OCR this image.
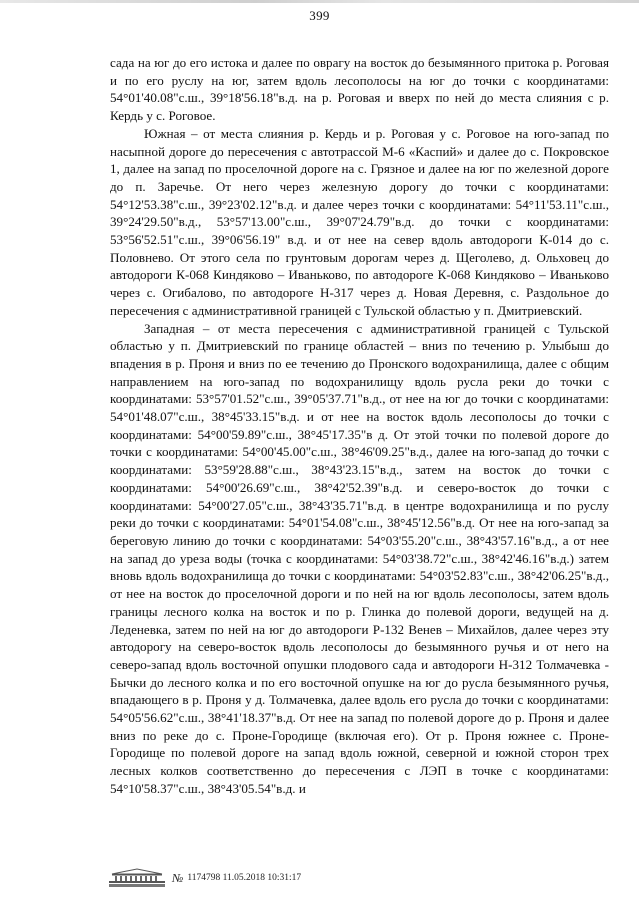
399

сада на юг до его истока и далее по оврагу на восток до безымянного притока р. Роговая и по его руслу на юг, затем вдоль лесополосы на юг до точки с координатами: 54°01'40.08"с.ш., 39°18'56.18"в.д. на р. Роговая и вверх по ней до места слияния с р. Кердь у с. Роговое.

Южная – от места слияния р. Кердь и р. Роговая у с. Роговое на юго-запад по насыпной дороге до пересечения с автотрассой М-6 «Каспий» и далее до с. Покровское 1, далее на запад по проселочной дороге на с. Грязное и далее на юг по железной дороге до п. Заречье. От него через железную дорогу до точки с координатами: 54°12'53.38"с.ш., 39°23'02.12"в.д. и далее через точки с координатами: 54°11'53.11"с.ш., 39°24'29.50"в.д., 53°57'13.00"с.ш., 39°07'24.79"в.д. до точки с координатами: 53°56'52.51"с.ш., 39°06'56.19" в.д. и от нее на север вдоль автодороги К-014 до с. Половнево. От этого села по грунтовым дорогам через д. Щеголево, д. Ольховец до автодороги К-068 Киндяково – Иваньково, по автодороге К-068 Киндяково – Иваньково через с. Огибалово, по автодороге Н-317 через д. Новая Деревня, с. Раздольное до пересечения с административной границей с Тульской областью у п. Дмитриевский.

Западная – от места пересечения с административной границей с Тульской областью у п. Дмитриевский по границе областей – вниз по течению р. Улыбыш до впадения в р. Проня и вниз по ее течению до Пронского водохранилища, далее с общим направлением на юго-запад по водохранилищу вдоль русла реки до точки с координатами: 53°57'01.52"с.ш., 39°05'37.71"в.д., от нее на юг до точки с координатами: 54°01'48.07"с.ш., 38°45'33.15"в.д. и от нее на восток вдоль лесополосы до точки с координатами: 54°00'59.89"с.ш., 38°45'17.35"в д. От этой точки по полевой дороге до точки с координатами: 54°00'45.00"с.ш., 38°46'09.25"в.д., далее на юго-запад до точки с координатами: 53°59'28.88"с.ш., 38°43'23.15"в.д., затем на восток до точки с координатами: 54°00'26.69"с.ш., 38°42'52.39"в.д. и северо-восток до точки с координатами: 54°00'27.05"с.ш., 38°43'35.71"в.д. в центре водохранилища и по руслу реки до точки с координатами: 54°01'54.08"с.ш., 38°45'12.56"в.д. От нее на юго-запад за береговую линию до точки с координатами: 54°03'55.20"с.ш., 38°43'57.16"в.д., а от нее на запад до уреза воды (точка с координатами: 54°03'38.72"с.ш., 38°42'46.16"в.д.) затем вновь вдоль водохранилища до точки с координатами: 54°03'52.83"с.ш., 38°42'06.25"в.д., от нее на восток до проселочной дороги и по ней на юг вдоль лесополосы, затем вдоль границы лесного колка на восток и по р. Глинка до полевой дороги, ведущей на д. Леденевка, затем по ней на юг до автодороги Р-132 Венев – Михайлов, далее через эту автодорогу на северо-восток вдоль лесополосы до безымянного ручья и от него на северо-запад вдоль восточной опушки плодового сада и автодороги Н-312 Толмачевка - Бычки до лесного колка и по его восточной опушке на юг до русла безымянного ручья, впадающего в р. Проня у д. Толмачевка, далее вдоль его русла до точки с координатами: 54°05'56.62"с.ш., 38°41'18.37"в.д. От нее на запад по полевой дороге до р. Проня и далее вниз по реке до с. Проне-Городище (включая его). От р. Проня южнее с. Проне-Городище по полевой дороге на запад вдоль южной, северной и южной сторон трех лесных колков соответственно до пересечения с ЛЭП в точке с координатами: 54°10'58.37"с.ш., 38°43'05.54"в.д. и

№ 1174798 11.05.2018 10:31:17
